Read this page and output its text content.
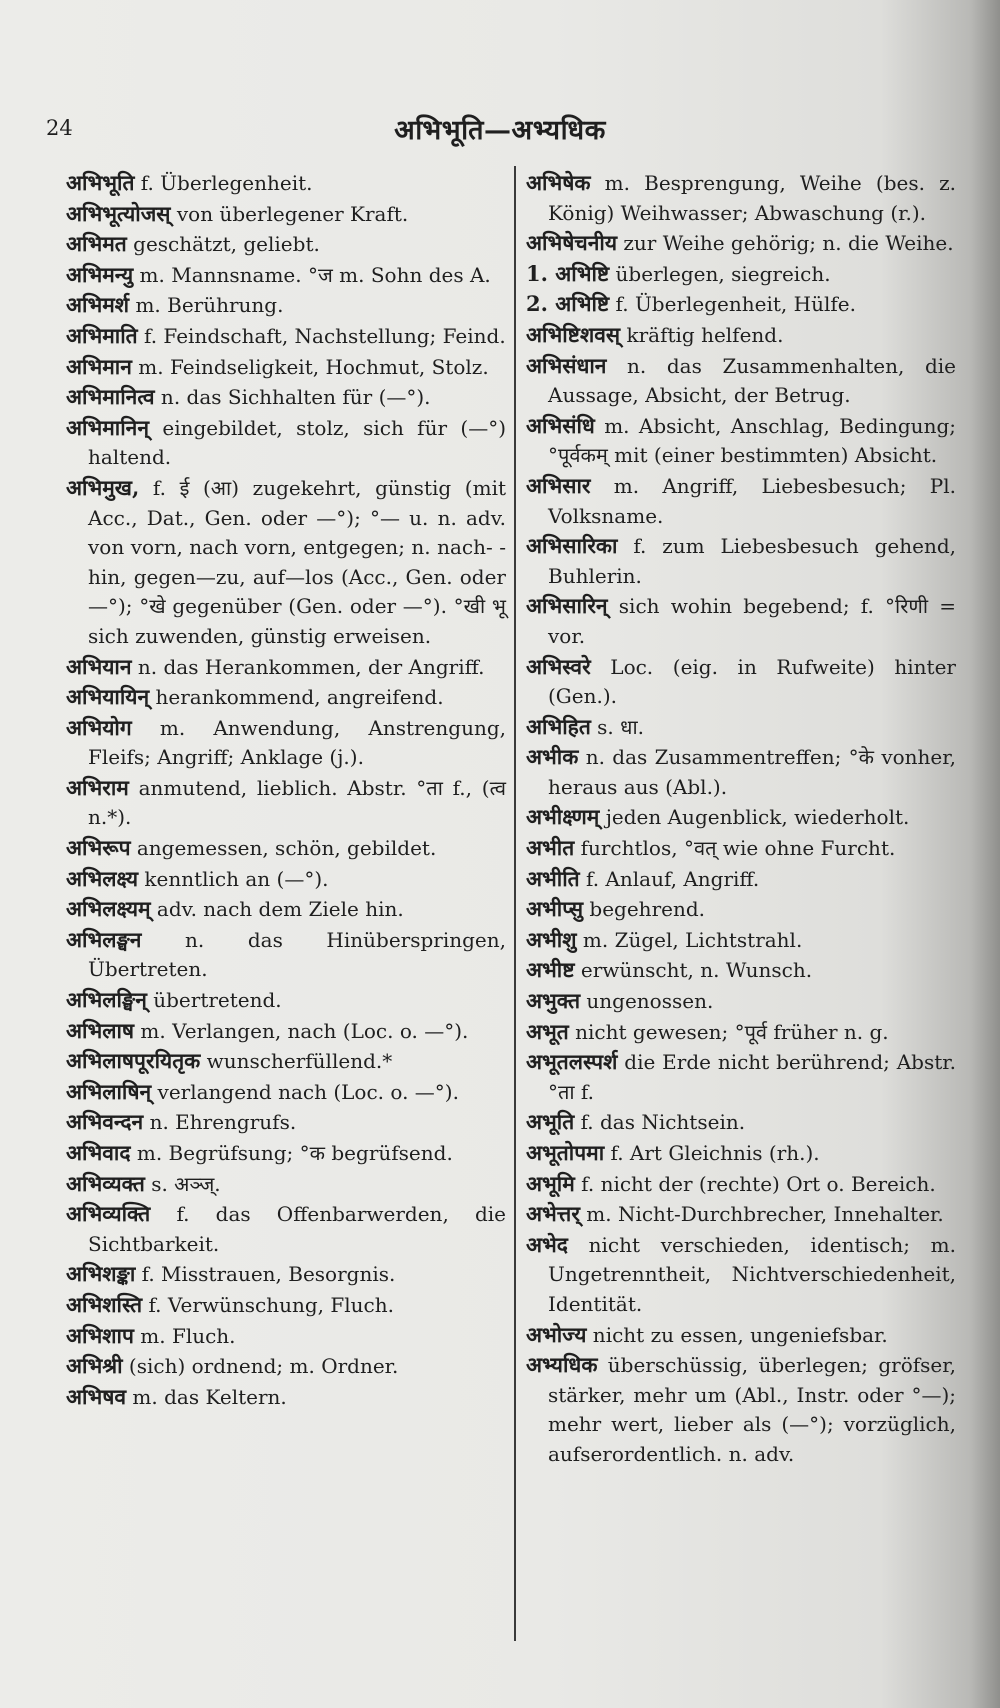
24	अभिभूति—अभ्यधिक

अभिभूति f. Überlegenheit.

अभिभूत्योजस् von überlegener Kraft.

अभिमत geschätzt, geliebt.

अभिमन्यु m. Mannsname. °ज m. Sohn des A.

अभिमर्श m. Berührung.

अभिमाति f. Feindschaft, Nachstellung; Feind.

अभिमान m. Feindseligkeit, Hochmut, Stolz.

अभिमानित्व n. das Sichhalten für (—°).

अभिमानिन् eingebildet, stolz, sich für (—°) haltend.

अभिमुख, f. ई (आ) zugekehrt, günstig (mit Acc., Dat., Gen. oder —°); °— u. n. adv. von vorn, nach vorn, entgegen; n. nach- -hin, gegen—zu, auf—los (Acc., Gen. oder —°); °खे gegenüber (Gen. oder —°). °खी भू sich zuwenden, günstig erweisen.

अभियान n. das Herankommen, der Angriff.

अभियायिन् herankommend, angreifend.

अभियोग m. Anwendung, Anstrengung, Fleifs; Angriff; Anklage (j.).

अभिराम anmutend, lieblich. Abstr. °ता f., (त्व n.*).

अभिरूप angemessen, schön, gebildet.

अभिलक्ष्य kenntlich an (—°).

अभिलक्ष्यम् adv. nach dem Ziele hin.

अभिलङ्घन n. das Hinüberspringen, Übertreten.

अभिलङ्घिन् übertretend.

अभिलाष m. Verlangen, nach (Loc. o. —°).

अभिलाषपूरयितृक wunscherfüllend.*

अभिलाषिन् verlangend nach (Loc. o. —°).

अभिवन्दन n. Ehrengrufs.

अभिवाद m. Begrüfsung; °क begrüfsend.

अभिव्यक्त s. अञ्ज्.

अभिव्यक्ति f. das Offenbarwerden, die Sichtbarkeit.

अभिशङ्का f. Misstrauen, Besorgnis.

अभिशस्ति f. Verwünschung, Fluch.

अभिशाप m. Fluch.

अभिश्री (sich) ordnend; m. Ordner.

अभिषव m. das Keltern.

अभिषेक m. Besprengung, Weihe (bes. z. König) Weihwasser; Abwaschung (r.).

अभिषेचनीय zur Weihe gehörig; n. die Weihe.

1. अभिष्टि überlegen, siegreich.

2. अभिष्टि f. Überlegenheit, Hülfe.

अभिष्टिशवस् kräftig helfend.

अभिसंधान n. das Zusammenhalten, die Aussage, Absicht, der Betrug.

अभिसंधि m. Absicht, Anschlag, Bedingung; °पूर्वकम् mit (einer bestimmten) Absicht.

अभिसार m. Angriff, Liebesbesuch; Pl. Volksname.

अभिसारिका f. zum Liebesbesuch gehend, Buhlerin.

अभिसारिन् sich wohin begebend; f. °रिणी = vor.

अभिस्वरे Loc. (eig. in Rufweite) hinter (Gen.).

अभिहित s. धा.

अभीक n. das Zusammentreffen; °के vonher, heraus aus (Abl.).

अभीक्ष्णम् jeden Augenblick, wiederholt.

अभीत furchtlos, °वत् wie ohne Furcht.

अभीति f. Anlauf, Angriff.

अभीप्सु begehrend.

अभीशु m. Zügel, Lichtstrahl.

अभीष्ट erwünscht, n. Wunsch.

अभुक्त ungenossen.

अभूत nicht gewesen; °पूर्व früher n. g.

अभूतलस्पर्श die Erde nicht berührend; Abstr. °ता f.

अभूति f. das Nichtsein.

अभूतोपमा f. Art Gleichnis (rh.).

अभूमि f. nicht der (rechte) Ort o. Bereich.

अभेत्तर् m. Nicht-Durchbrecher, Innehalter.

अभेद nicht verschieden, identisch; m. Ungetrenntheit, Nichtverschiedenheit, Identität.

अभोज्य nicht zu essen, ungeniefsbar.

अभ्यधिक überschüssig, überlegen; gröfser, stärker, mehr um (Abl., Instr. oder °—); mehr wert, lieber als (—°); vorzüglich, aufserordentlich. n. adv.
